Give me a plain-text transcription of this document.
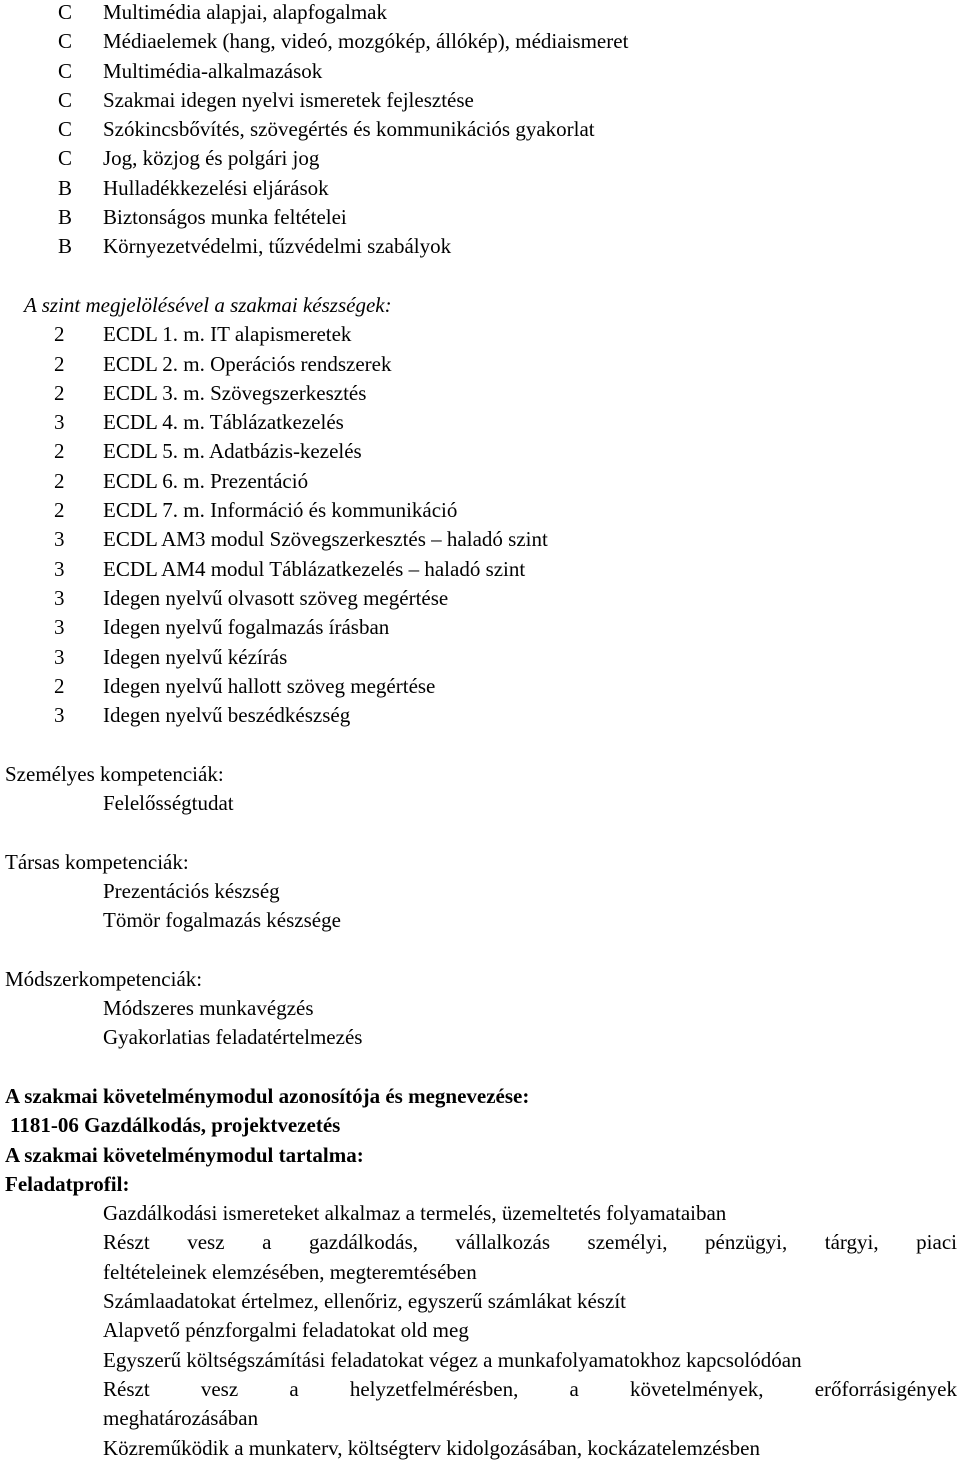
C	Multimédia alapjai, alapfogalmak
C	Médiaelemek (hang, videó, mozgókép, állókép), médiaismeret
C	Multimédia-alkalmazások
C	Szakmai idegen nyelvi ismeretek fejlesztése
C	Szókincsbővítés, szövegértés és kommunikációs gyakorlat
C	Jog, közjog és polgári jog
B	Hulladékkezelési eljárások
B	Biztonságos munka feltételei
B	Környezetvédelmi, tűzvédelmi szabályok
A szint megjelölésével a szakmai készségek:
2	ECDL 1. m. IT alapismeretek
2	ECDL 2. m. Operációs rendszerek
2	ECDL 3. m. Szövegszerkesztés
3	ECDL 4. m. Táblázatkezelés
2	ECDL 5. m. Adatbázis-kezelés
2	ECDL 6. m. Prezentáció
2	ECDL 7. m. Információ és kommunikáció
3	ECDL AM3 modul Szövegszerkesztés – haladó szint
3	ECDL AM4 modul Táblázatkezelés – haladó szint
3	Idegen nyelvű olvasott szöveg megértése
3	Idegen nyelvű fogalmazás írásban
3	Idegen nyelvű kézírás
2	Idegen nyelvű hallott szöveg megértése
3	Idegen nyelvű beszédkészség
Személyes kompetenciák:
Felelősségtudat
Társas kompetenciák:
Prezentációs készség
Tömör fogalmazás készsége
Módszerkompetenciák:
Módszeres munkavégzés
Gyakorlatias feladatértelmezés
A szakmai követelménymodul azonosítója és megnevezése:
1181-06 Gazdálkodás, projektvezetés
A szakmai követelménymodul tartalma:
Feladatprofil:
Gazdálkodási ismereteket alkalmaz a termelés, üzemeltetés folyamataiban
Részt vesz a gazdálkodás, vállalkozás személyi, pénzügyi, tárgyi, piaci
feltételeinek elemzésében, megteremtésében
Számlaadatokat értelmez, ellenőriz, egyszerű számlákat készít
Alapvető pénzforgalmi feladatokat old meg
Egyszerű költségszámítási feladatokat végez a munkafolyamatokhoz kapcsolódóan
Részt vesz a helyzetfelmérésben, a követelmények, erőforrásigények
meghatározásában
Közreműködik a munkaterv, költségterv kidolgozásában, kockázatelemzésben
